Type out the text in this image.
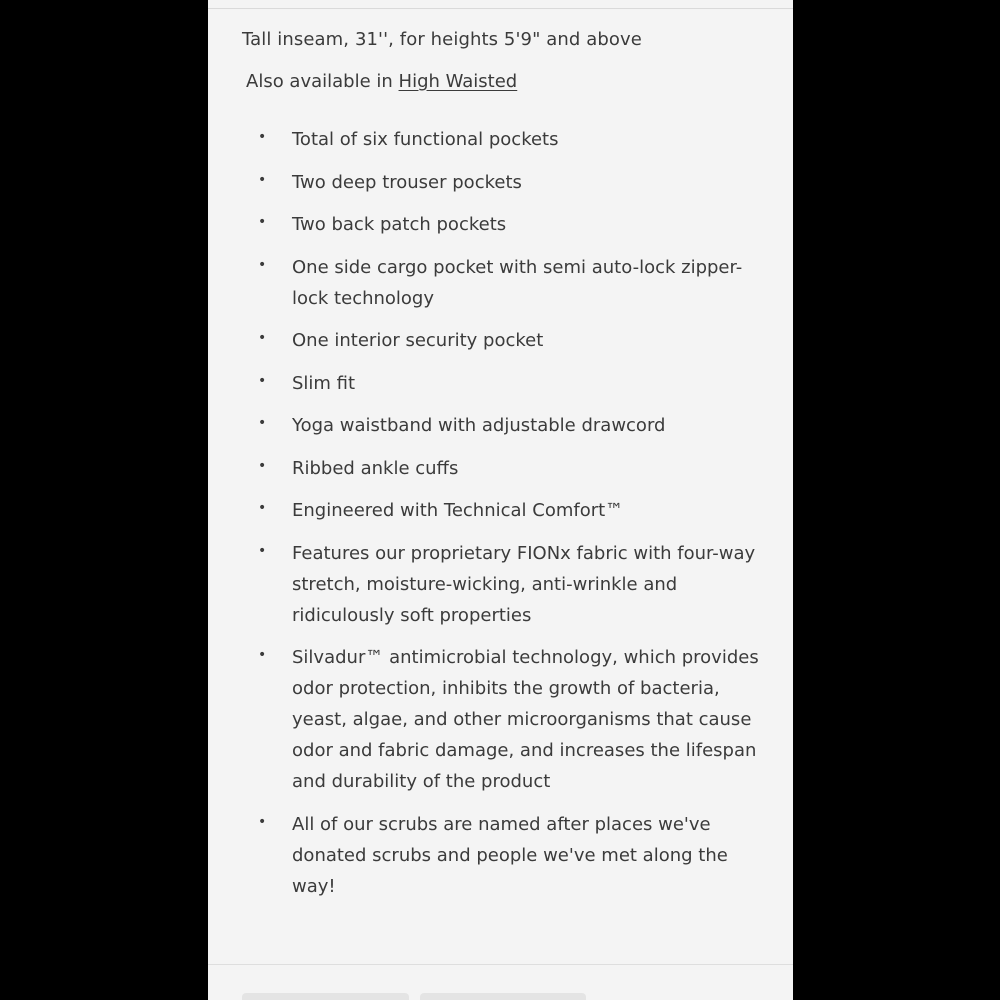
Tall inseam, 31'', for heights 5'9" and above
Also available in High Waisted
• Total of six functional pockets
• Two deep trouser pockets
• Two back patch pockets
• One side cargo pocket with semi auto-lock zipper-lock technology
• One interior security pocket
• Slim fit
• Yoga waistband with adjustable drawcord
• Ribbed ankle cuffs
• Engineered with Technical Comfort™
• Features our proprietary FIONx fabric with four-way stretch, moisture-wicking, anti-wrinkle and ridiculously soft properties
• Silvadur™ antimicrobial technology, which provides odor protection, inhibits the growth of bacteria, yeast, algae, and other microorganisms that cause odor and fabric damage, and increases the lifespan and durability of the product
• All of our scrubs are named after places we've donated scrubs and people we've met along the way!
